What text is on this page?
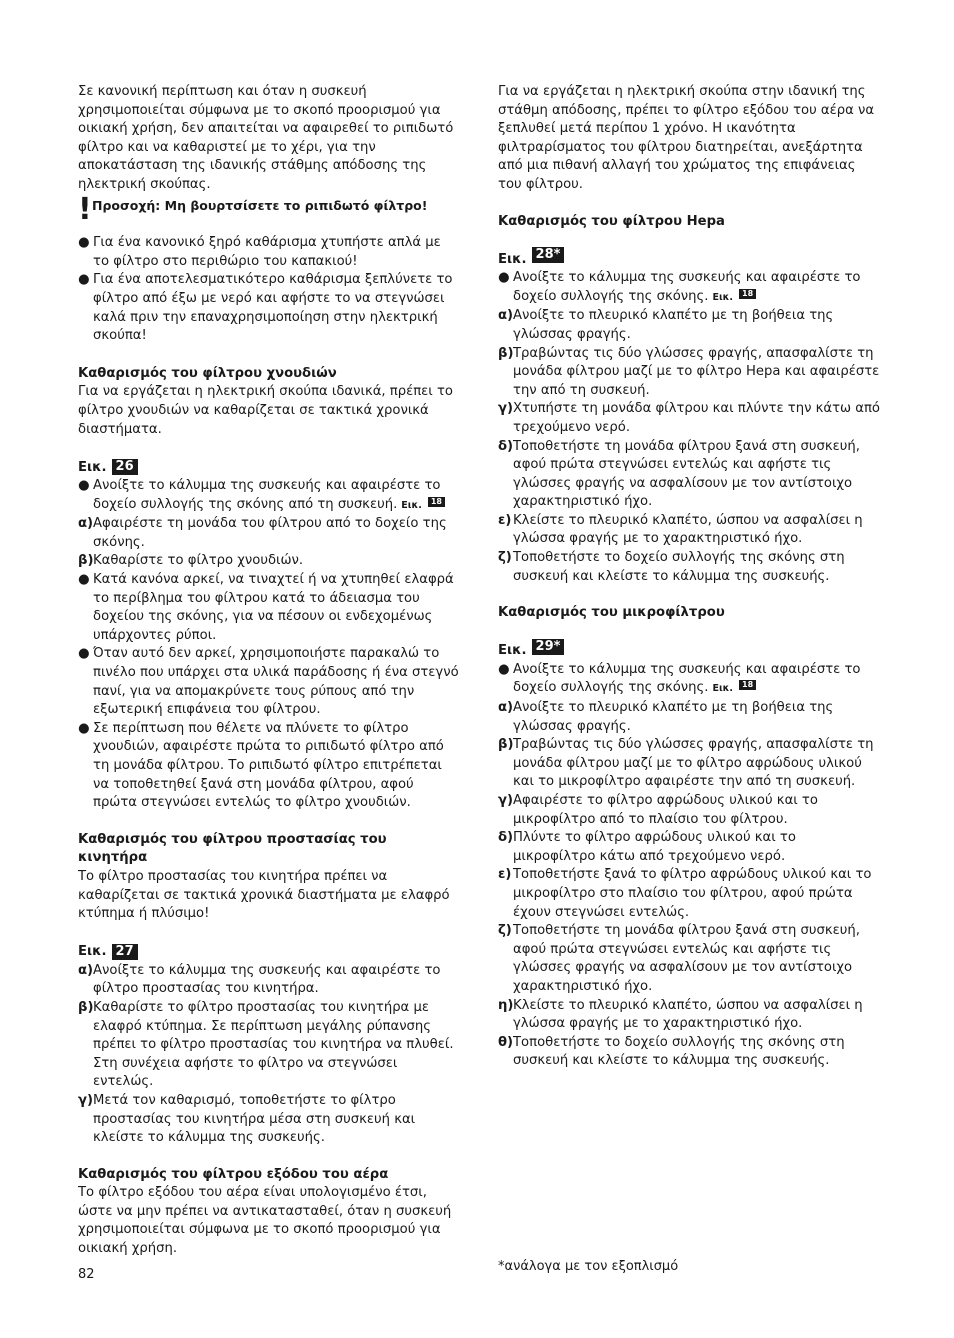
Σε κανονική περίπτωση και όταν η συσκευή χρησιμοποιείται σύμφωνα με το σκοπό προορισμού για οικιακή χρήση, δεν απαιτείται να αφαιρεθεί το ριπιδωτό φίλτρο και να καθαριστεί με το χέρι, για την αποκατάσταση της ιδανικής στάθμης απόδοσης της ηλεκτρική σκούπας.

! Προσοχή: Μη βουρτσίσετε το ριπιδωτό φίλτρο!
● Για ένα κανονικό ξηρό καθάρισμα χτυπήστε απλά με το φίλτρο στο περιθώριο του καπακιού!
● Για ένα αποτελεσματικότερο καθάρισμα ξεπλύνετε το φίλτρο από έξω με νερό και αφήστε το να στεγνώσει καλά πριν την επαναχρησιμοποίηση στην ηλεκτρική σκούπα!

Καθαρισμός του φίλτρου χνουδιών

Για να εργάζεται η ηλεκτρική σκούπα ιδανικά, πρέπει το φίλτρο χνουδιών να καθαρίζεται σε τακτικά χρονικά διαστήματα.

Εικ. 26
● Ανοίξτε το κάλυμμα της συσκευής και αφαιρέστε το δοχείο συλλογής της σκόνης από τη συσκευή. Εικ. 18
α) Αφαιρέστε τη μονάδα του φίλτρου από το δοχείο της σκόνης.
β) Καθαρίστε το φίλτρο χνουδιών.
● Κατά κανόνα αρκεί, να τιναχτεί ή να χτυπηθεί ελαφρά το περίβλημα του φίλτρου κατά το άδειασμα του δοχείου της σκόνης, για να πέσουν οι ενδεχομένως υπάρχοντες ρύποι.
● Όταν αυτό δεν αρκεί, χρησιμοποιήστε παρακαλώ το πινέλο που υπάρχει στα υλικά παράδοσης ή ένα στεγνό πανί, για να απομακρύνετε τους ρύπους από την εξωτερική επιφάνεια του φίλτρου.
● Σε περίπτωση που θέλετε να πλύνετε το φίλτρο χνουδιών, αφαιρέστε πρώτα το ριπιδωτό φίλτρο από τη μονάδα φίλτρου. Το ριπιδωτό φίλτρο επιτρέπεται να τοποθετηθεί ξανά στη μονάδα φίλτρου, αφού πρώτα στεγνώσει εντελώς το φίλτρο χνουδιών.

Καθαρισμός του φίλτρου προστασίας του κινητήρα

Το φίλτρο προστασίας του κινητήρα πρέπει να καθαρίζεται σε τακτικά χρονικά διαστήματα με ελαφρό κτύπημα ή πλύσιμο!

Εικ. 27
α) Ανοίξτε το κάλυμμα της συσκευής και αφαιρέστε το φίλτρο προστασίας του κινητήρα.
β) Καθαρίστε το φίλτρο προστασίας του κινητήρα με ελαφρό κτύπημα. Σε περίπτωση μεγάλης ρύπανσης πρέπει το φίλτρο προστασίας του κινητήρα να πλυθεί. Στη συνέχεια αφήστε το φίλτρο να στεγνώσει εντελώς.
γ) Μετά τον καθαρισμό, τοποθετήστε το φίλτρο προστασίας του κινητήρα μέσα στη συσκευή και κλείστε το κάλυμμα της συσκευής.

Καθαρισμός του φίλτρου εξόδου του αέρα

Το φίλτρο εξόδου του αέρα είναι υπολογισμένο έτσι, ώστε να μην πρέπει να αντικατασταθεί, όταν η συσκευή χρησιμοποιείται σύμφωνα με το σκοπό προορισμού για οικιακή χρήση.

Για να εργάζεται η ηλεκτρική σκούπα στην ιδανική της στάθμη απόδοσης, πρέπει το φίλτρο εξόδου του αέρα να ξεπλυθεί μετά περίπου 1 χρόνο. Η ικανότητα φιλτραρίσματος του φίλτρου διατηρείται, ανεξάρτητα από μια πιθανή αλλαγή του χρώματος της επιφάνειας του φίλτρου.

Καθαρισμός του φίλτρου Hepa

Εικ. 28*
● Ανοίξτε το κάλυμμα της συσκευής και αφαιρέστε το δοχείο συλλογής της σκόνης. Εικ. 18
α) Ανοίξτε το πλευρικό κλαπέτο με τη βοήθεια της γλώσσας φραγής.
β) Τραβώντας τις δύο γλώσσες φραγής, απασφαλίστε τη μονάδα φίλτρου μαζί με το φίλτρο Hepa και αφαιρέστε την από τη συσκευή.
γ) Χτυπήστε τη μονάδα φίλτρου και πλύντε την κάτω από τρεχούμενο νερό.
δ) Τοποθετήστε τη μονάδα φίλτρου ξανά στη συσκευή, αφού πρώτα στεγνώσει εντελώς και αφήστε τις γλώσσες φραγής να ασφαλίσουν με τον αντίστοιχο χαρακτηριστικό ήχο.
ε) Κλείστε το πλευρικό κλαπέτο, ώσπου να ασφαλίσει η γλώσσα φραγής με το χαρακτηριστικό ήχο.
ζ) Τοποθετήστε το δοχείο συλλογής της σκόνης στη συσκευή και κλείστε το κάλυμμα της συσκευής.

Καθαρισμός του μικροφίλτρου

Εικ. 29*
● Ανοίξτε το κάλυμμα της συσκευής και αφαιρέστε το δοχείο συλλογής της σκόνης. Εικ. 18
α) Ανοίξτε το πλευρικό κλαπέτο με τη βοήθεια της γλώσσας φραγής.
β) Τραβώντας τις δύο γλώσσες φραγής, απασφαλίστε τη μονάδα φίλτρου μαζί με το φίλτρο αφρώδους υλικού και το μικροφίλτρο αφαιρέστε την από τη συσκευή.
γ) Αφαιρέστε το φίλτρο αφρώδους υλικού και το μικροφίλτρο από το πλαίσιο του φίλτρου.
δ) Πλύντε το φίλτρο αφρώδους υλικού και το μικροφίλτρο κάτω από τρεχούμενο νερό.
ε) Τοποθετήστε ξανά το φίλτρο αφρώδους υλικού και το μικροφίλτρο στο πλαίσιο του φίλτρου, αφού πρώτα έχουν στεγνώσει εντελώς.
ζ) Τοποθετήστε τη μονάδα φίλτρου ξανά στη συσκευή, αφού πρώτα στεγνώσει εντελώς και αφήστε τις γλώσσες φραγής να ασφαλίσουν με τον αντίστοιχο χαρακτηριστικό ήχο.
η) Κλείστε το πλευρικό κλαπέτο, ώσπου να ασφαλίσει η γλώσσα φραγής με το χαρακτηριστικό ήχο.
θ) Τοποθετήστε το δοχείο συλλογής της σκόνης στη συσκευή και κλείστε το κάλυμμα της συσκευής.
82
*ανάλογα με τον εξοπλισμό
